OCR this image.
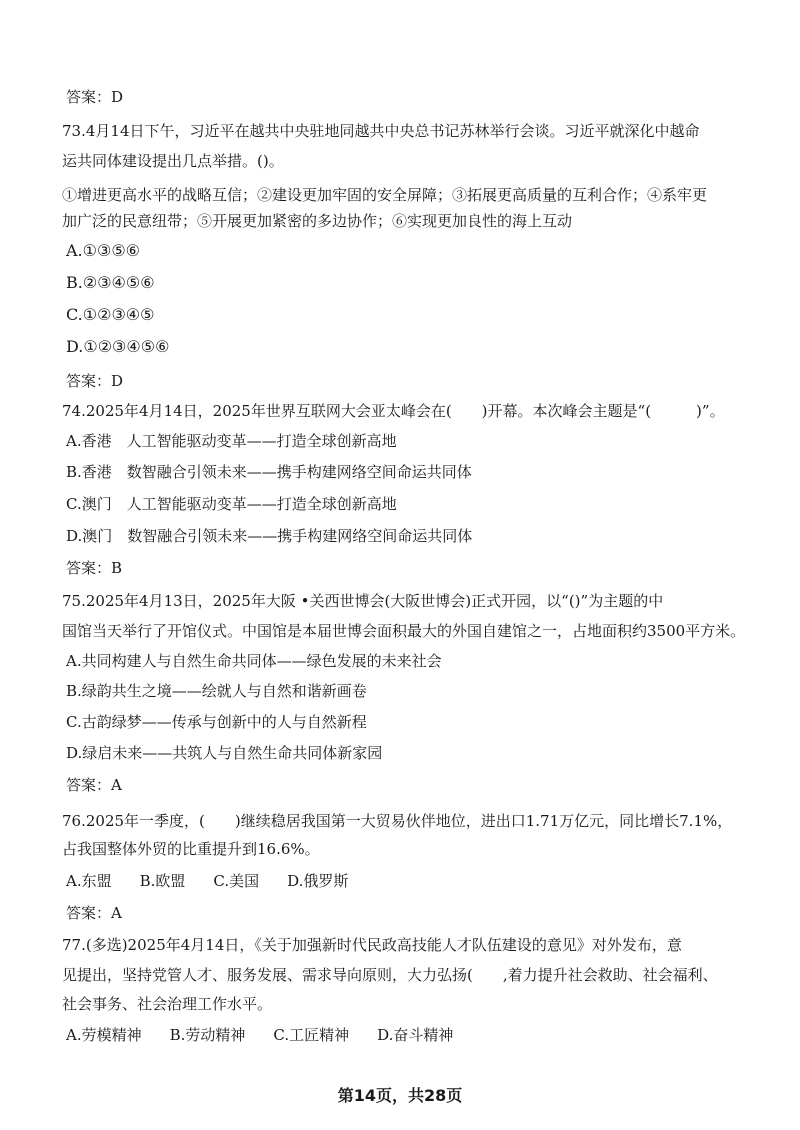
答案：D
73.4月14日下午，习近平在越共中央驻地同越共中央总书记苏林举行会谈。习近平就深化中越命
运共同体建设提出几点举措。()。
①增进更高水平的战略互信；②建设更加牢固的安全屏障；③拓展更高质量的互利合作；④系牢更
加广泛的民意纽带；⑤开展更加紧密的多边协作；⑥实现更加良性的海上互动
A.①③⑤⑥
B.②③④⑤⑥
C.①②③④⑤
D.①②③④⑤⑥
答案：D
74.2025年4月14日，2025年世界互联网大会亚太峰会在(　　)开幕。本次峰会主题是“(　　　)”。
A.香港　人工智能驱动变革——打造全球创新高地
B.香港　数智融合引领未来——携手构建网络空间命运共同体
C.澳门　人工智能驱动变革——打造全球创新高地
D.澳门　数智融合引领未来——携手构建网络空间命运共同体
答案：B
75.2025年4月13日，2025年大阪 •关西世博会(大阪世博会)正式开园，以“()”为主题的中
国馆当天举行了开馆仪式。中国馆是本届世博会面积最大的外国自建馆之一，占地面积约3500平方米。
A.共同构建人与自然生命共同体——绿色发展的未来社会
B.绿韵共生之境——绘就人与自然和谐新画卷
C.古韵绿梦——传承与创新中的人与自然新程
D.绿启未来——共筑人与自然生命共同体新家园
答案：A
76.2025年一季度，(　　)继续稳居我国第一大贸易伙伴地位，进出口1.71万亿元，同比增长7.1%，
占我国整体外贸的比重提升到16.6%。
A.东盟 B.欧盟 C.美国 D.俄罗斯
答案：A
77.(多选)2025年4月14日，《关于加强新时代民政高技能人才队伍建设的意见》对外发布，意
见提出，坚持党管人才、服务发展、需求导向原则，大力弘扬(　　,着力提升社会救助、社会福利、
社会事务、社会治理工作水平。
A.劳模精神 B.劳动精神 C.工匠精神 D.奋斗精神
第14页，共28页
